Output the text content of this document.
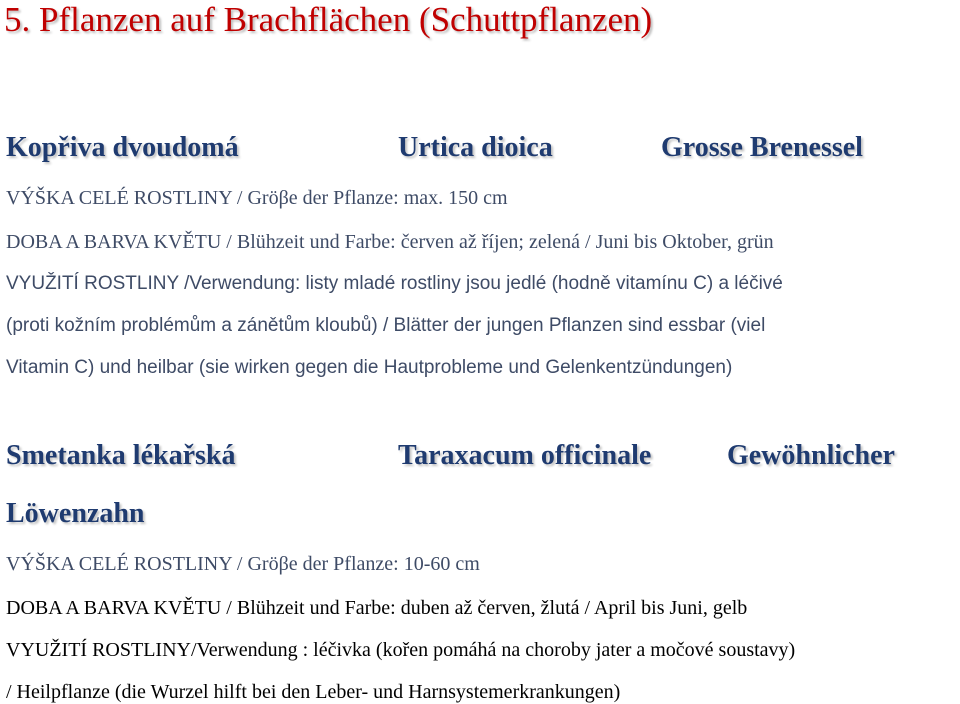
5. Pflanzen auf Brachflächen (Schuttpflanzen)
Kopřiva dvoudomá	Urtica dioica	Grosse Brenessel
VÝŠKA CELÉ ROSTLINY / Gröβe der Pflanze: max. 150 cm
DOBA A BARVA KVĚTU / Blühzeit und Farbe: červen až říjen; zelená / Juni bis Oktober, grün
VYUŽITÍ ROSTLINY /Verwendung: listy mladé rostliny jsou jedlé (hodně vitamínu C) a léčivé
(proti kožním problémům a zánětům kloubů) / Blätter der jungen Pflanzen sind essbar (viel
Vitamin C) und heilbar (sie wirken gegen die Hautprobleme und Gelenkentzündungen)
Smetanka lékařská	Taraxacum officinale	Gewöhnlicher
Löwenzahn
VÝŠKA CELÉ ROSTLINY / Gröβe der Pflanze: 10-60 cm
DOBA A BARVA KVĚTU / Blühzeit und Farbe: duben až červen, žlutá / April bis Juni, gelb
VYUŽITÍ ROSTLINY/Verwendung : léčivka (kořen pomáhá na choroby jater a močové soustavy)
/ Heilpflanze (die Wurzel hilft bei den Leber- und Harnsystemerkrankungen)
